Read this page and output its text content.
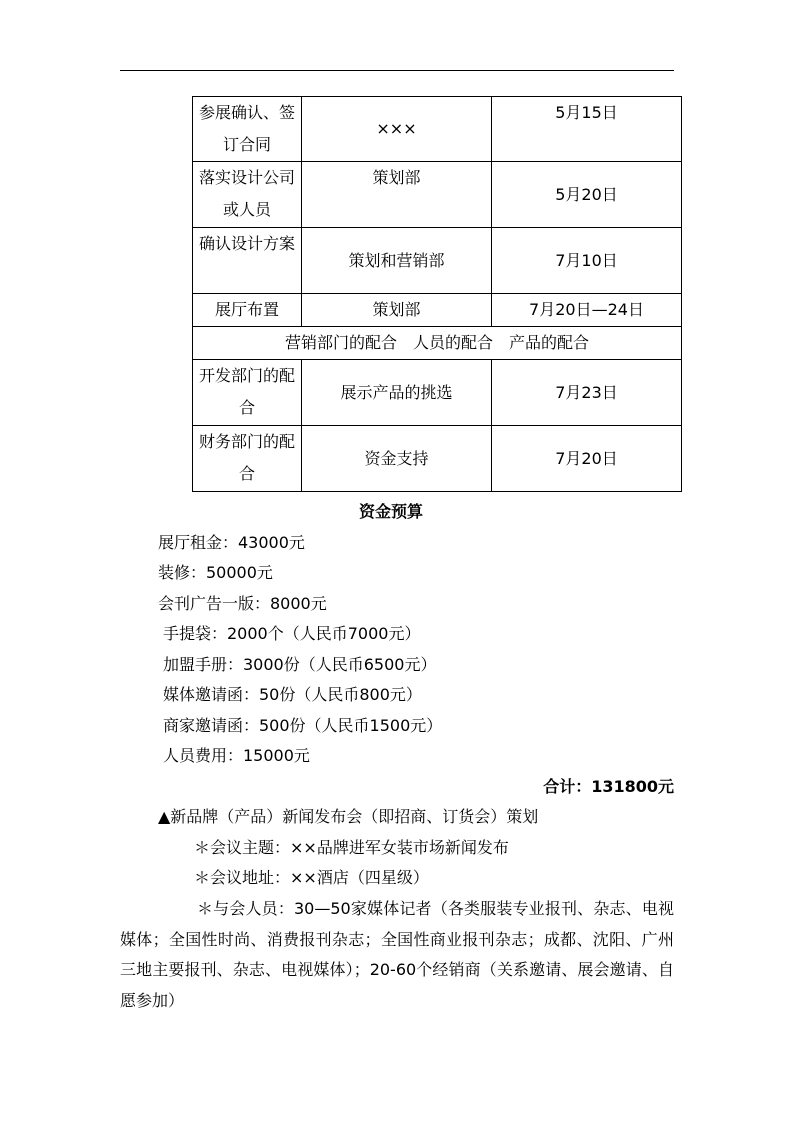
参展确认、签订合同	×××	5月15日
落实设计公司或人员	策划部	5月20日
确认设计方案	策划和营销部	7月10日
展厅布置	策划部	7月20日—24日
营销部门的配合　人员的配合　产品的配合		
开发部门的配合	展示产品的挑选	7月23日
财务部门的配合	资金支持	7月20日
资金预算
展厅租金：43000元
装修：50000元
会刊广告一版：8000元
手提袋：2000个（人民币7000元）
加盟手册：3000份（人民币6500元）
媒体邀请函：50份（人民币800元）
商家邀请函：500份（人民币1500元）
人员费用：15000元
合计：131800元
▲新品牌（产品）新闻发布会（即招商、订货会）策划
＊会议主题：××品牌进军女装市场新闻发布
＊会议地址：××酒店（四星级）
＊与会人员：30—50家媒体记者（各类服装专业报刊、杂志、电视媒体；全国性时尚、消费报刊杂志；全国性商业报刊杂志；成都、沈阳、广州三地主要报刊、杂志、电视媒体）；20-60个经销商（关系邀请、展会邀请、自愿参加）
